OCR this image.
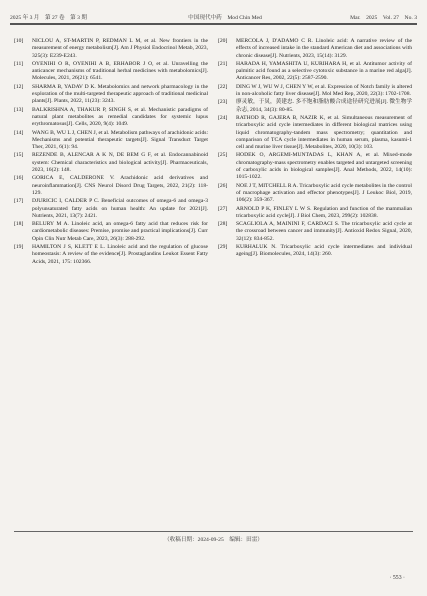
2025 年 3 月　第 27 卷　第 3 期	中国现代中药　Mod Chin Med	Mar.　2025　Vol. 27　No. 3
[10] NICLOU A, ST-MARTIN P, REDMAN L M, et al. New frontiers in the measurement of energy metabolism[J]. Am J Physiol Endocrinol Metab, 2023, 325(3): E239-E243.
[11] OYENIHI O R, OYENIHI A B, ERHABOR J O, et al. Unravelling the anticancer mechanisms of traditional herbal medicines with metabolomics[J]. Molecules, 2021, 26(21): 6541.
[12] SHARMA B, YADAV D K. Metabolomics and network pharmacology in the exploration of the multi-targeted therapeutic approach of traditional medicinal plants[J]. Plants, 2022, 11(23): 3243.
[13] BALKRISHNA A, THAKUR P, SINGH S, et al. Mechanistic paradigms of natural plant metabolites as remedial candidates for systemic lupus erythromatosus[J]. Cells, 2020, 9(4): 1049.
[14] WANG B, WU L J, CHEN J, et al. Metabolism pathways of arachidonic acids: Mechanisms and potential therapeutic targets[J]. Signal Transduct Target Ther, 2021, 6(1): 94.
[15] REZENDE B, ALENCAR A K N, DE BEM G F, et al. Endocannabinoid system: Chemical characteristics and biological activity[J]. Pharmaceuticals, 2023, 16(2): 148.
[16] GORICA E, CALDERONE V. Arachidonic acid derivatives and neuroinflammation[J]. CNS Neurol Disord Drug Targets, 2022, 21(2): 118-129.
[17] DJURICIC I, CALDER P C. Beneficial outcomes of omega-6 and omega-3 polyunsaturated fatty acids on human health: An update for 2021[J]. Nutrients, 2021, 13(7): 2421.
[18] BELURY M A. Linoleic acid, an omega-6 fatty acid that reduces risk for cardiometabolic diseases: Premise, promise and practical implications[J]. Curr Opin Clin Nutr Metab Care, 2023, 26(3): 288-292.
[19] HAMILTON J S, KLETT E L. Linoleic acid and the regulation of glucose homeostasis: A review of the evidence[J]. Prostaglandins Leukot Essent Fatty Acids, 2021, 175: 102366.
[20] MERCOLA J, D'ADAMO C R. Linoleic acid: A narrative review of the effects of increased intake in the standard American diet and associations with chronic disease[J]. Nutrients, 2023, 15(14): 3129.
[21] HARADA H, YAMASHITA U, KURIHARA H, et al. Antitumor activity of palmitic acid found as a selective cytotoxic substance in a marine red alga[J]. Anticancer Res, 2002, 22(5): 2587-2590.
[22] DING W J, WU W J, CHEN Y W, et al. Expression of Notch family is altered in non-alcoholic fatty liver disease[J]. Mol Med Rep, 2020, 22(3): 1702-1708.
[23] 廖灵敏，于炅，黄建忠. 多不饱和脂肪酸合成途径研究进展[J]. 微生物学杂志, 2014, 34(3): 80-85.
[24] RATHOD R, GAJERA B, NAZIR K, et al. Simultaneous measurement of tricarboxylic acid cycle intermediates in different biological matrices using liquid chromatography-tandem mass spectrometry; quantitation and comparison of TCA cycle intermediates in human serum, plasma, kasumi-1 cell and murine liver tissue[J]. Metabolites, 2020, 10(3): 103.
[25] HODEK O, ARGEMI-MUNTADAS L, KHAN A, et al. Mixed-mode chromatography-mass spectrometry enables targeted and untargeted screening of carboxylic acids in biological samples[J]. Anal Methods, 2022, 14(10): 1015-1022.
[26] NOE J T, MITCHELL R A. Tricarboxylic acid cycle metabolites in the control of macrophage activation and effector phenotypes[J]. J Leukoc Biol, 2019, 106(2): 359-367.
[27] ARNOLD P K, FINLEY L W S. Regulation and function of the mammalian tricarboxylic acid cycle[J]. J Biol Chem, 2023, 299(2): 102838.
[28] SCAGLIOLA A, MAININI F, CARDACI S. The tricarboxylic acid cycle at the crossroad between cancer and immunity[J]. Antioxid Redox Signal, 2020, 32(12): 834-852.
[29] KURHALUK N. Tricarboxylic acid cycle intermediates and individual ageing[J]. Biomolecules, 2024, 14(3): 260.
（收稿日期：2024-09-25　编辑：田雷）
· 553 ·
